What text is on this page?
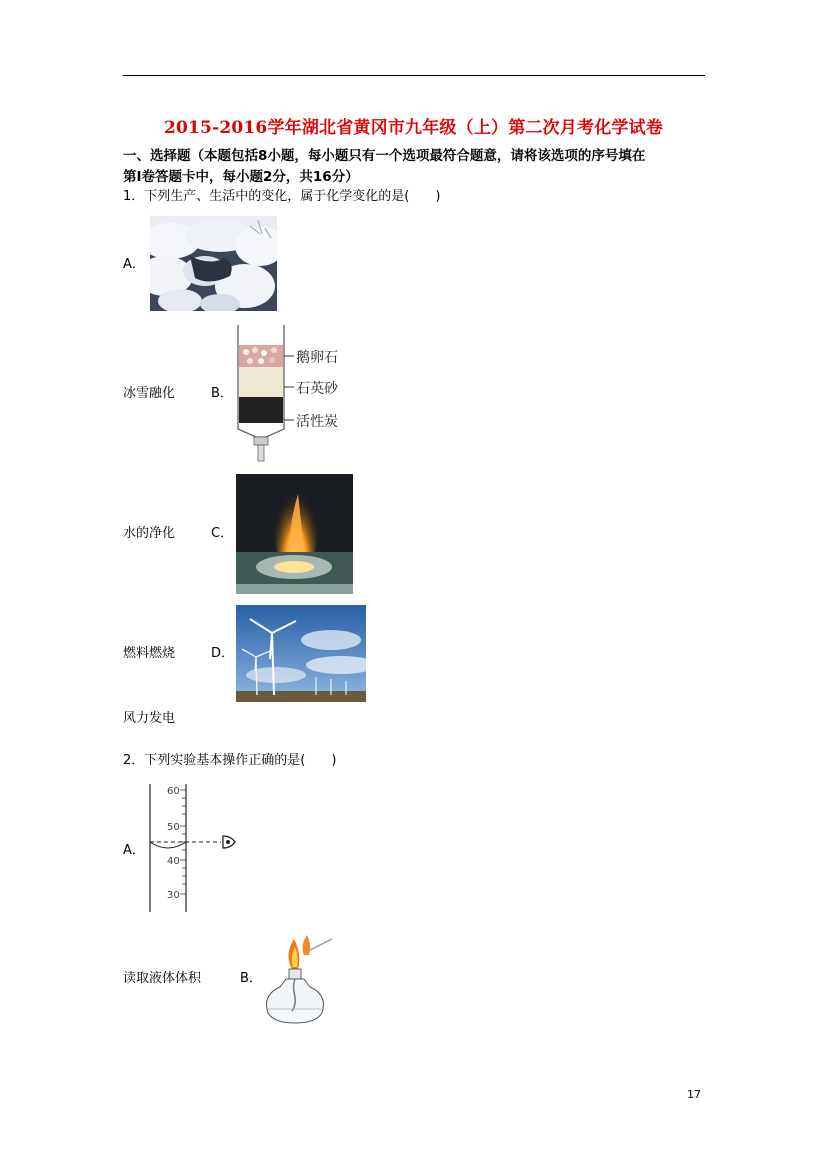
2015-2016学年湖北省黄冈市九年级（上）第二次月考化学试卷
一、选择题（本题包括8小题，每小题只有一个选项最符合题意，请将该选项的序号填在
第Ⅰ卷答题卡中，每小题2分，共16分）
1．下列生产、生活中的变化，属于化学变化的是(　　)
A．
冰雪融化	B．
鹅卵石
石英砂
活性炭
水的净化	C．
燃料燃烧	D．
风力发电
2．下列实验基本操作正确的是(　　)
A．
60
50
40
30
读取液体体积	B．
17
